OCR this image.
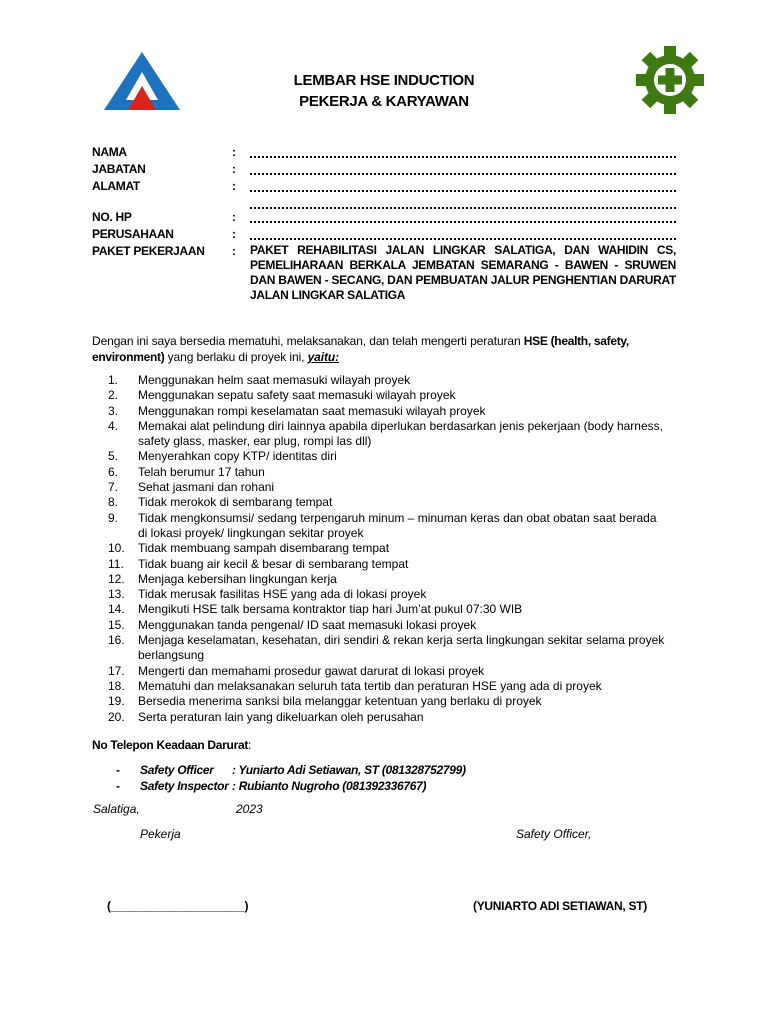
LEMBAR HSE INDUCTION
PEKERJA & KARYAWAN
NAMA	:
JABATAN	:
ALAMAT	:
NO. HP	:
PERUSAHAAN	:
PAKET PEKERJAAN	:	PAKET REHABILITASI JALAN LINGKAR SALATIGA, DAN WAHIDIN CS, PEMELIHARAAN BERKALA JEMBATAN SEMARANG - BAWEN - SRUWEN DAN BAWEN - SECANG, DAN PEMBUATAN JALUR PENGHENTIAN DARURAT JALAN LINGKAR SALATIGA
Dengan ini saya bersedia mematuhi, melaksanakan, dan telah mengerti peraturan HSE (health, safety, environment) yang berlaku di proyek ini, yaitu:
1.	Menggunakan helm saat memasuki wilayah proyek
2.	Menggunakan sepatu safety saat memasuki wilayah proyek
3.	Menggunakan rompi keselamatan saat memasuki wilayah proyek
4.	Memakai alat pelindung diri lainnya apabila diperlukan berdasarkan jenis pekerjaan (body harness, safety glass, masker, ear plug, rompi las dll)
5.	Menyerahkan copy KTP/ identitas diri
6.	Telah berumur 17 tahun
7.	Sehat jasmani dan rohani
8.	Tidak merokok di sembarang tempat
9.	Tidak mengkonsumsi/ sedang terpengaruh minum – minuman keras dan obat obatan saat berada di lokasi proyek/ lingkungan sekitar proyek
10.	Tidak membuang sampah disembarang tempat
11.	Tidak buang air kecil & besar di sembarang tempat
12.	Menjaga kebersihan lingkungan kerja
13.	Tidak merusak fasilitas HSE yang ada di lokasi proyek
14.	Mengikuti HSE talk bersama kontraktor tiap hari Jum’at pukul 07:30 WIB
15.	Menggunakan tanda pengenal/ ID saat memasuki lokasi proyek
16.	Menjaga keselamatan, kesehatan, diri sendiri & rekan kerja serta lingkungan sekitar selama proyek berlangsung
17.	Mengerti dan memahami prosedur gawat darurat di lokasi proyek
18.	Mematuhi dan melaksanakan seluruh tata tertib dan peraturan HSE yang ada di proyek
19.	Bersedia menerima sanksi bila melanggar ketentuan yang berlaku di proyek
20.	Serta peraturan lain yang dikeluarkan oleh perusahan
No Telepon Keadaan Darurat:
-	Safety Officer	: Yuniarto Adi Setiawan, ST (081328752799)
-	Safety Inspector : Rubianto Nugroho (081392336767)
Salatiga,	2023
Pekerja	Safety Officer,
(____________________)	(YUNIARTO ADI SETIAWAN, ST)
